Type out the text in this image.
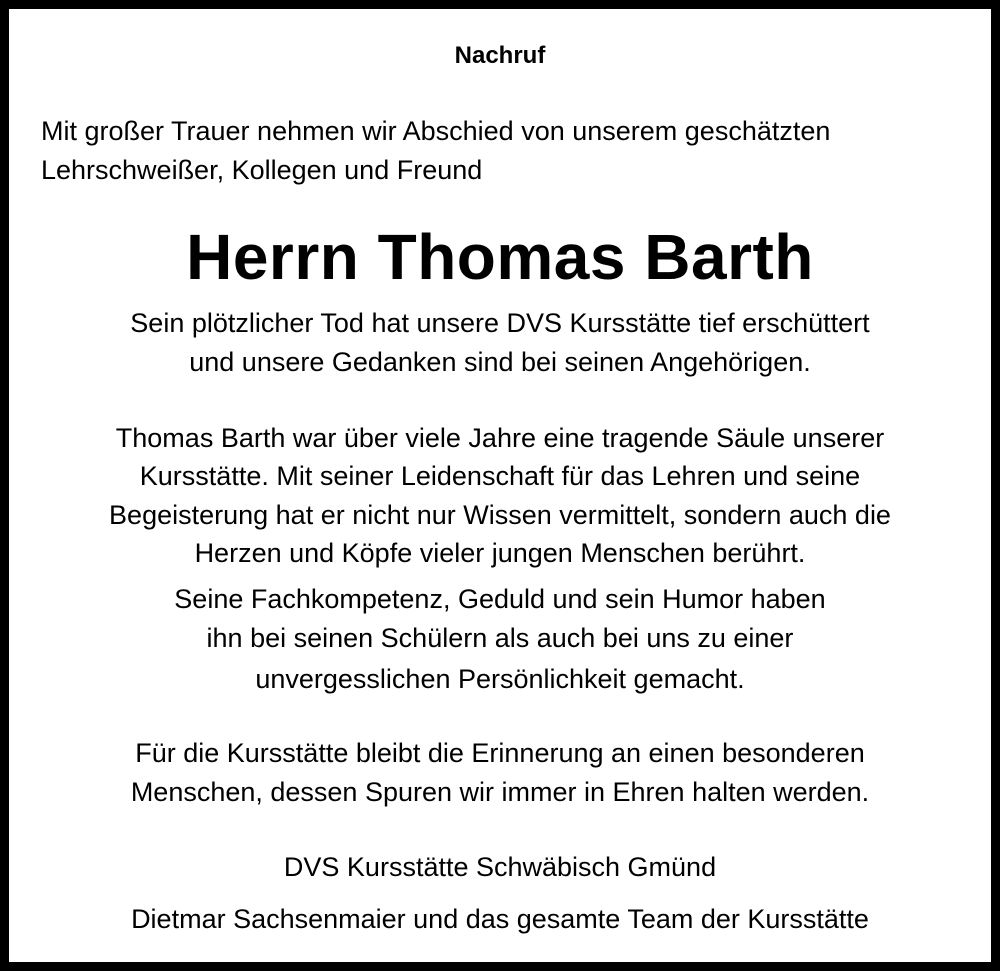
Nachruf

Mit großer Trauer nehmen wir Abschied von unserem geschätzten

Lehrschweißer, Kollegen und Freund

Herrn Thomas Barth

Sein plötzlicher Tod hat unsere DVS Kursstätte tief erschüttert

und unsere Gedanken sind bei seinen Angehörigen.

Thomas Barth war über viele Jahre eine tragende Säule unserer

Kursstätte. Mit seiner Leidenschaft für das Lehren und seine

Begeisterung hat er nicht nur Wissen vermittelt, sondern auch die

Herzen und Köpfe vieler jungen Menschen berührt.

Seine Fachkompetenz, Geduld und sein Humor haben

ihn bei seinen Schülern als auch bei uns zu einer

unvergesslichen Persönlichkeit gemacht.

Für die Kursstätte bleibt die Erinnerung an einen besonderen

Menschen, dessen Spuren wir immer in Ehren halten werden.

DVS Kursstätte Schwäbisch Gmünd

Dietmar Sachsenmaier und das gesamte Team der Kursstätte
